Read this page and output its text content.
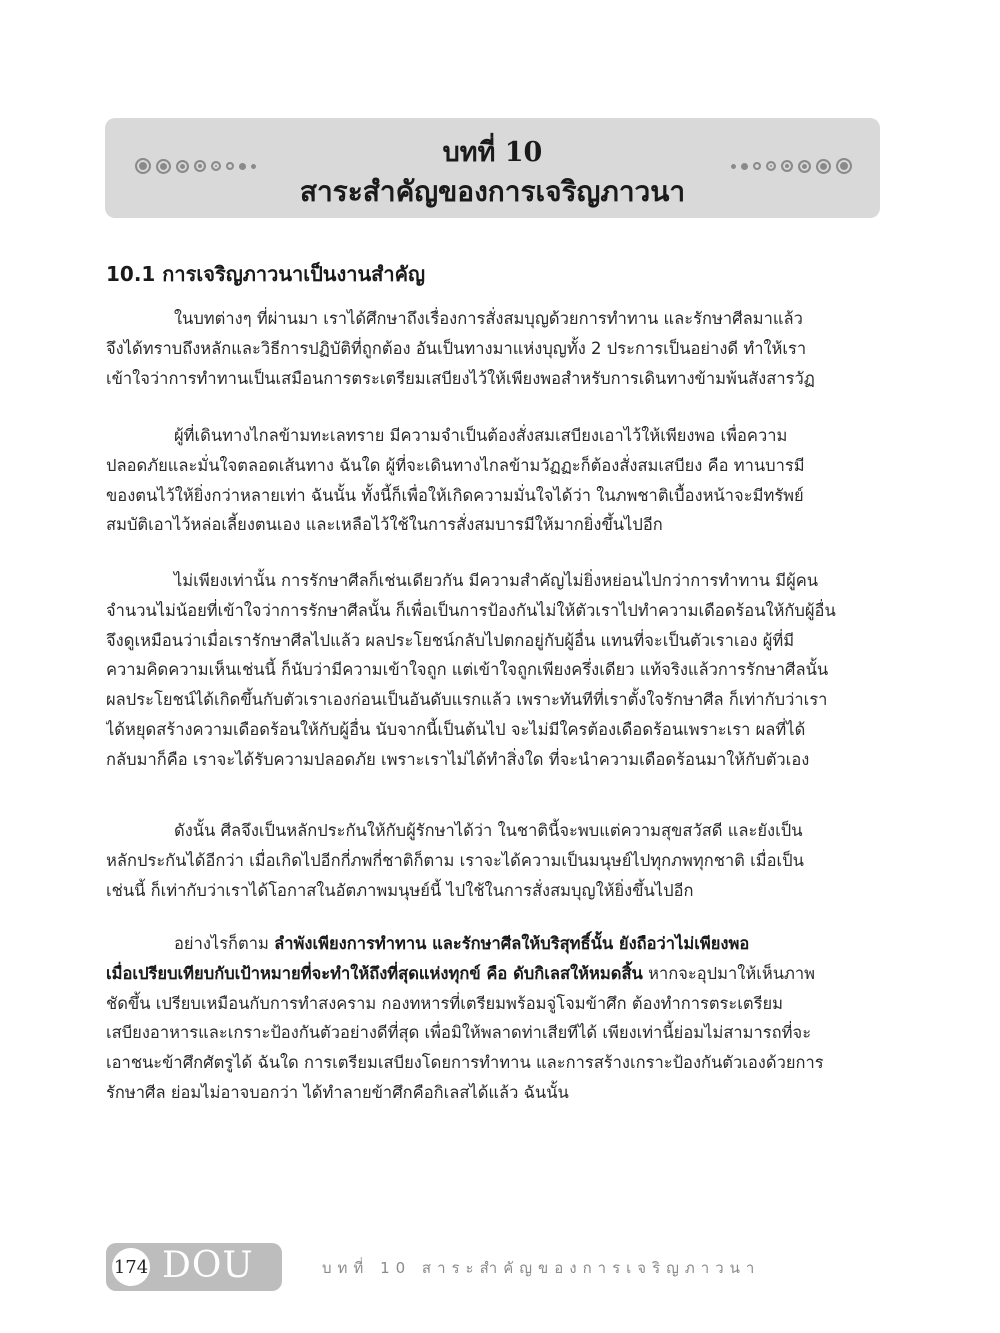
บทที่ 10
สาระสำคัญของการเจริญภาวนา
10.1 การเจริญภาวนาเป็นงานสำคัญ
ในบทต่างๆ ที่ผ่านมา เราได้ศึกษาถึงเรื่องการสั่งสมบุญด้วยการทำทาน และรักษาศีลมาแล้ว
จึงได้ทราบถึงหลักและวิธีการปฏิบัติที่ถูกต้อง อันเป็นทางมาแห่งบุญทั้ง 2 ประการเป็นอย่างดี ทำให้เรา
เข้าใจว่าการทำทานเป็นเสมือนการตระเตรียมเสบียงไว้ให้เพียงพอสำหรับการเดินทางข้ามพ้นสังสารวัฏ
ผู้ที่เดินทางไกลข้ามทะเลทราย มีความจำเป็นต้องสั่งสมเสบียงเอาไว้ให้เพียงพอ เพื่อความ
ปลอดภัยและมั่นใจตลอดเส้นทาง ฉันใด ผู้ที่จะเดินทางไกลข้ามวัฏฏะก็ต้องสั่งสมเสบียง คือ ทานบารมี
ของตนไว้ให้ยิ่งกว่าหลายเท่า ฉันนั้น ทั้งนี้ก็เพื่อให้เกิดความมั่นใจได้ว่า ในภพชาติเบื้องหน้าจะมีทรัพย์
สมบัติเอาไว้หล่อเลี้ยงตนเอง และเหลือไว้ใช้ในการสั่งสมบารมีให้มากยิ่งขึ้นไปอีก
ไม่เพียงเท่านั้น การรักษาศีลก็เช่นเดียวกัน มีความสำคัญไม่ยิ่งหย่อนไปกว่าการทำทาน มีผู้คน
จำนวนไม่น้อยที่เข้าใจว่าการรักษาศีลนั้น ก็เพื่อเป็นการป้องกันไม่ให้ตัวเราไปทำความเดือดร้อนให้กับผู้อื่น
จึงดูเหมือนว่าเมื่อเรารักษาศีลไปแล้ว ผลประโยชน์กลับไปตกอยู่กับผู้อื่น แทนที่จะเป็นตัวเราเอง ผู้ที่มี
ความคิดความเห็นเช่นนี้ ก็นับว่ามีความเข้าใจถูก แต่เข้าใจถูกเพียงครึ่งเดียว แท้จริงแล้วการรักษาศีลนั้น
ผลประโยชน์ได้เกิดขึ้นกับตัวเราเองก่อนเป็นอันดับแรกแล้ว เพราะทันทีที่เราตั้งใจรักษาศีล ก็เท่ากับว่าเรา
ได้หยุดสร้างความเดือดร้อนให้กับผู้อื่น นับจากนี้เป็นต้นไป จะไม่มีใครต้องเดือดร้อนเพราะเรา ผลที่ได้
กลับมาก็คือ เราจะได้รับความปลอดภัย เพราะเราไม่ได้ทำสิ่งใด ที่จะนำความเดือดร้อนมาให้กับตัวเอง
ดังนั้น ศีลจึงเป็นหลักประกันให้กับผู้รักษาได้ว่า ในชาตินี้จะพบแต่ความสุขสวัสดี และยังเป็น
หลักประกันได้อีกว่า เมื่อเกิดไปอีกกี่ภพกี่ชาติก็ตาม เราจะได้ความเป็นมนุษย์ไปทุกภพทุกชาติ เมื่อเป็น
เช่นนี้ ก็เท่ากับว่าเราได้โอกาสในอัตภาพมนุษย์นี้ ไปใช้ในการสั่งสมบุญให้ยิ่งขึ้นไปอีก
อย่างไรก็ตาม ลำพังเพียงการทำทาน และรักษาศีลให้บริสุทธิ์นั้น ยังถือว่าไม่เพียงพอ
เมื่อเปรียบเทียบกับเป้าหมายที่จะทำให้ถึงที่สุดแห่งทุกข์ คือ ดับกิเลสให้หมดสิ้น หากจะอุปมาให้เห็นภาพ
ชัดขึ้น เปรียบเหมือนกับการทำสงคราม กองทหารที่เตรียมพร้อมจู่โจมข้าศึก ต้องทำการตระเตรียม
เสบียงอาหารและเกราะป้องกันตัวอย่างดีที่สุด เพื่อมิให้พลาดท่าเสียทีได้ เพียงเท่านี้ย่อมไม่สามารถที่จะ
เอาชนะข้าศึกศัตรูได้ ฉันใด การเตรียมเสบียงโดยการทำทาน และการสร้างเกราะป้องกันตัวเองด้วยการ
รักษาศีล ย่อมไม่อาจบอกว่า ได้ทำลายข้าศึกคือกิเลสได้แล้ว ฉันนั้น
174 DOU	บทที่ 10 สาระสำคัญของการเจริญภาวนา
